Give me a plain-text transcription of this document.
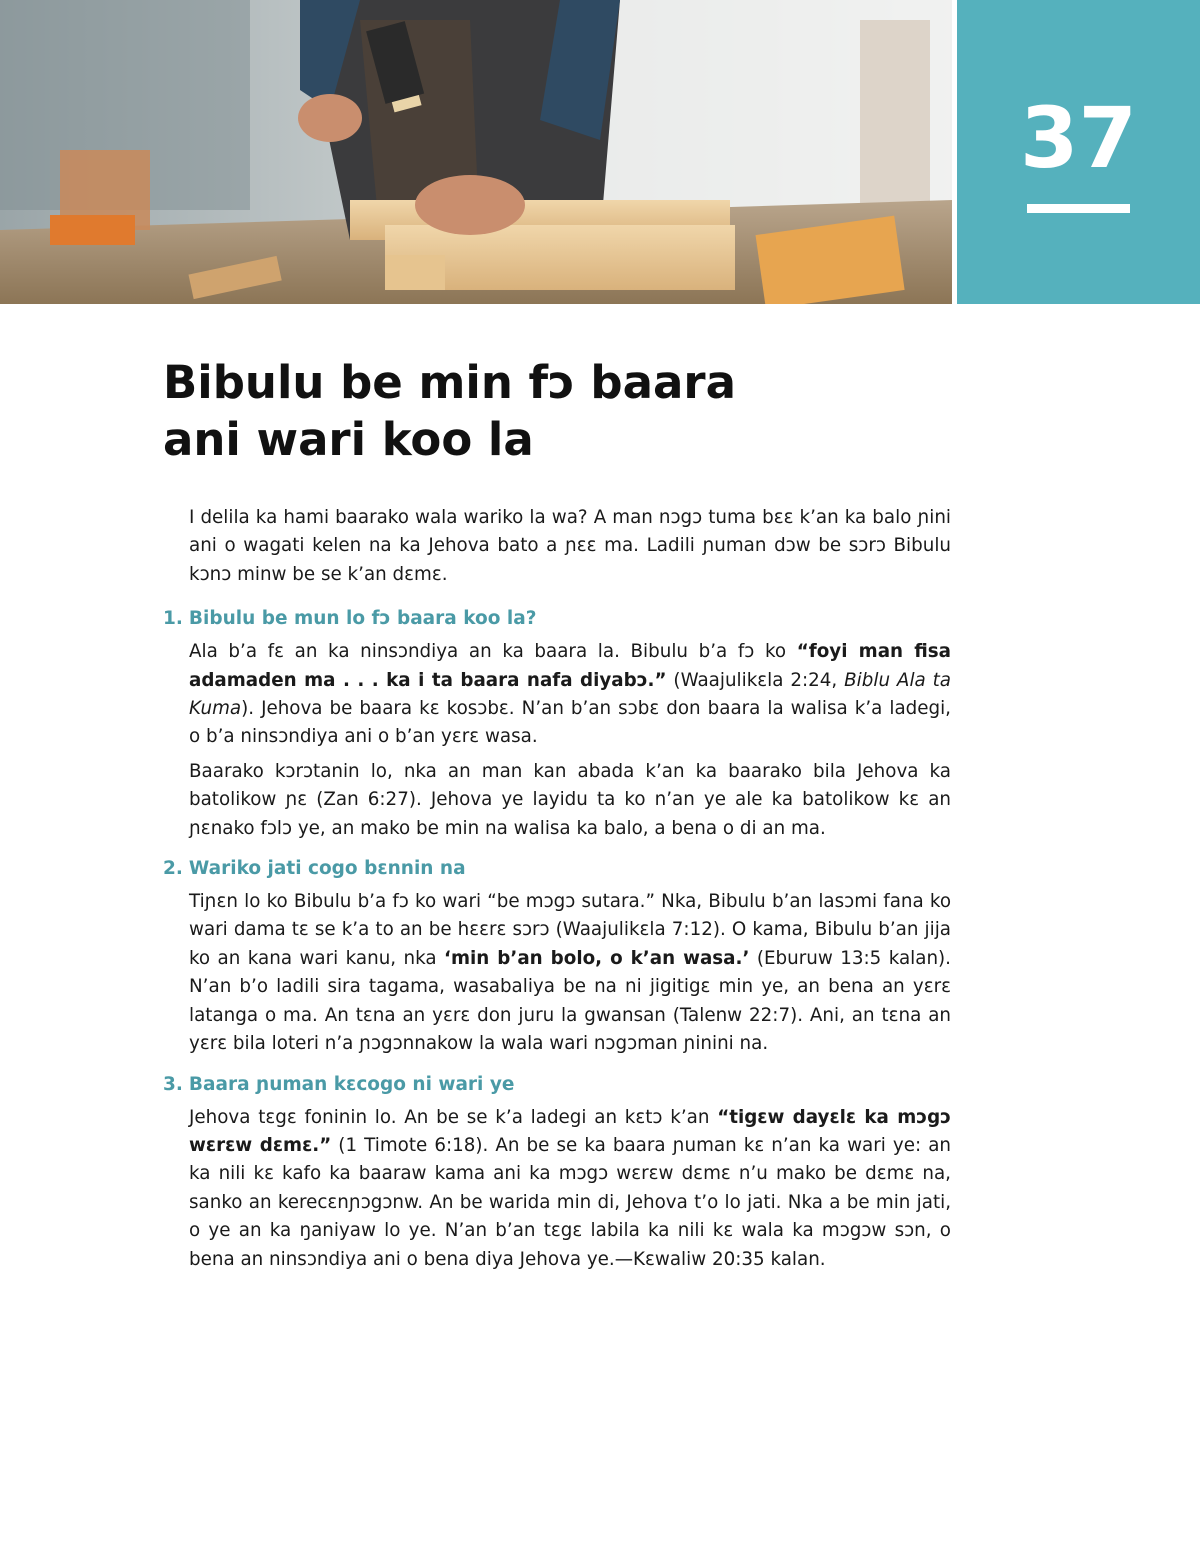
37
Bibulu be min fɔ baara
ani wari koo la

I delila ka hami baarako wala wariko la wa? A man nɔgɔ tuma bɛɛ k’an ka balo ɲini ani o wagati kelen na ka Jehova bato a ɲɛɛ ma. Ladili ɲuman dɔw be sɔrɔ Bibulu kɔnɔ minw be se k’an dɛmɛ.

1. Bibulu be mun lo fɔ baara koo la?

Ala b’a fɛ an ka ninsɔndiya an ka baara la. Bibulu b’a fɔ ko “foyi man fisa adamaden ma . . . ka i ta baara nafa diyabɔ.” (Waajulikɛla 2:24, Biblu Ala ta Kuma). Jehova be baara kɛ kosɔbɛ. N’an b’an sɔbɛ don baara la walisa k’a ladegi, o b’a ninsɔndiya ani o b’an yɛrɛ wasa.

Baarako kɔrɔtanin lo, nka an man kan abada k’an ka baarako bila Jehova ka batolikow ɲɛ (Zan 6:27). Jehova ye layidu ta ko n’an ye ale ka batolikow kɛ an ɲɛnako fɔlɔ ye, an mako be min na walisa ka balo, a bena o di an ma.

2. Wariko jati cogo bɛnnin na

Tiɲɛn lo ko Bibulu b’a fɔ ko wari “be mɔgɔ sutara.” Nka, Bibulu b’an lasɔmi fana ko wari dama tɛ se k’a to an be hɛɛrɛ sɔrɔ (Waajulikɛla 7:12). O kama, Bibulu b’an jija ko an kana wari kanu, nka ‘min b’an bolo, o k’an wasa.’ (Eburuw 13:5 kalan). N’an b’o ladili sira tagama, wasabaliya be na ni jigitigɛ min ye, an bena an yɛrɛ latanga o ma. An tɛna an yɛrɛ don juru la gwansan (Talenw 22:7). Ani, an tɛna an yɛrɛ bila loteri n’a ɲɔgɔnnakow la wala wari nɔgɔman ɲinini na.

3. Baara ɲuman kɛcogo ni wari ye

Jehova tɛgɛ foninin lo. An be se k’a ladegi an kɛtɔ k’an “tigɛw dayɛlɛ ka mɔgɔ wɛrɛw dɛmɛ.” (1 Timote 6:18). An be se ka baara ɲuman kɛ n’an ka wari ye: an ka nili kɛ kafo ka baaraw kama ani ka mɔgɔ wɛrɛw dɛmɛ n’u mako be dɛmɛ na, sanko an kerecɛnɲɔgɔnw. An be warida min di, Jehova t’o lo jati. Nka a be min jati, o ye an ka ŋaniyaw lo ye. N’an b’an tɛgɛ labila ka nili kɛ wala ka mɔgɔw sɔn, o bena an ninsɔndiya ani o bena diya Jehova ye.—Kɛwaliw 20:35 kalan.
